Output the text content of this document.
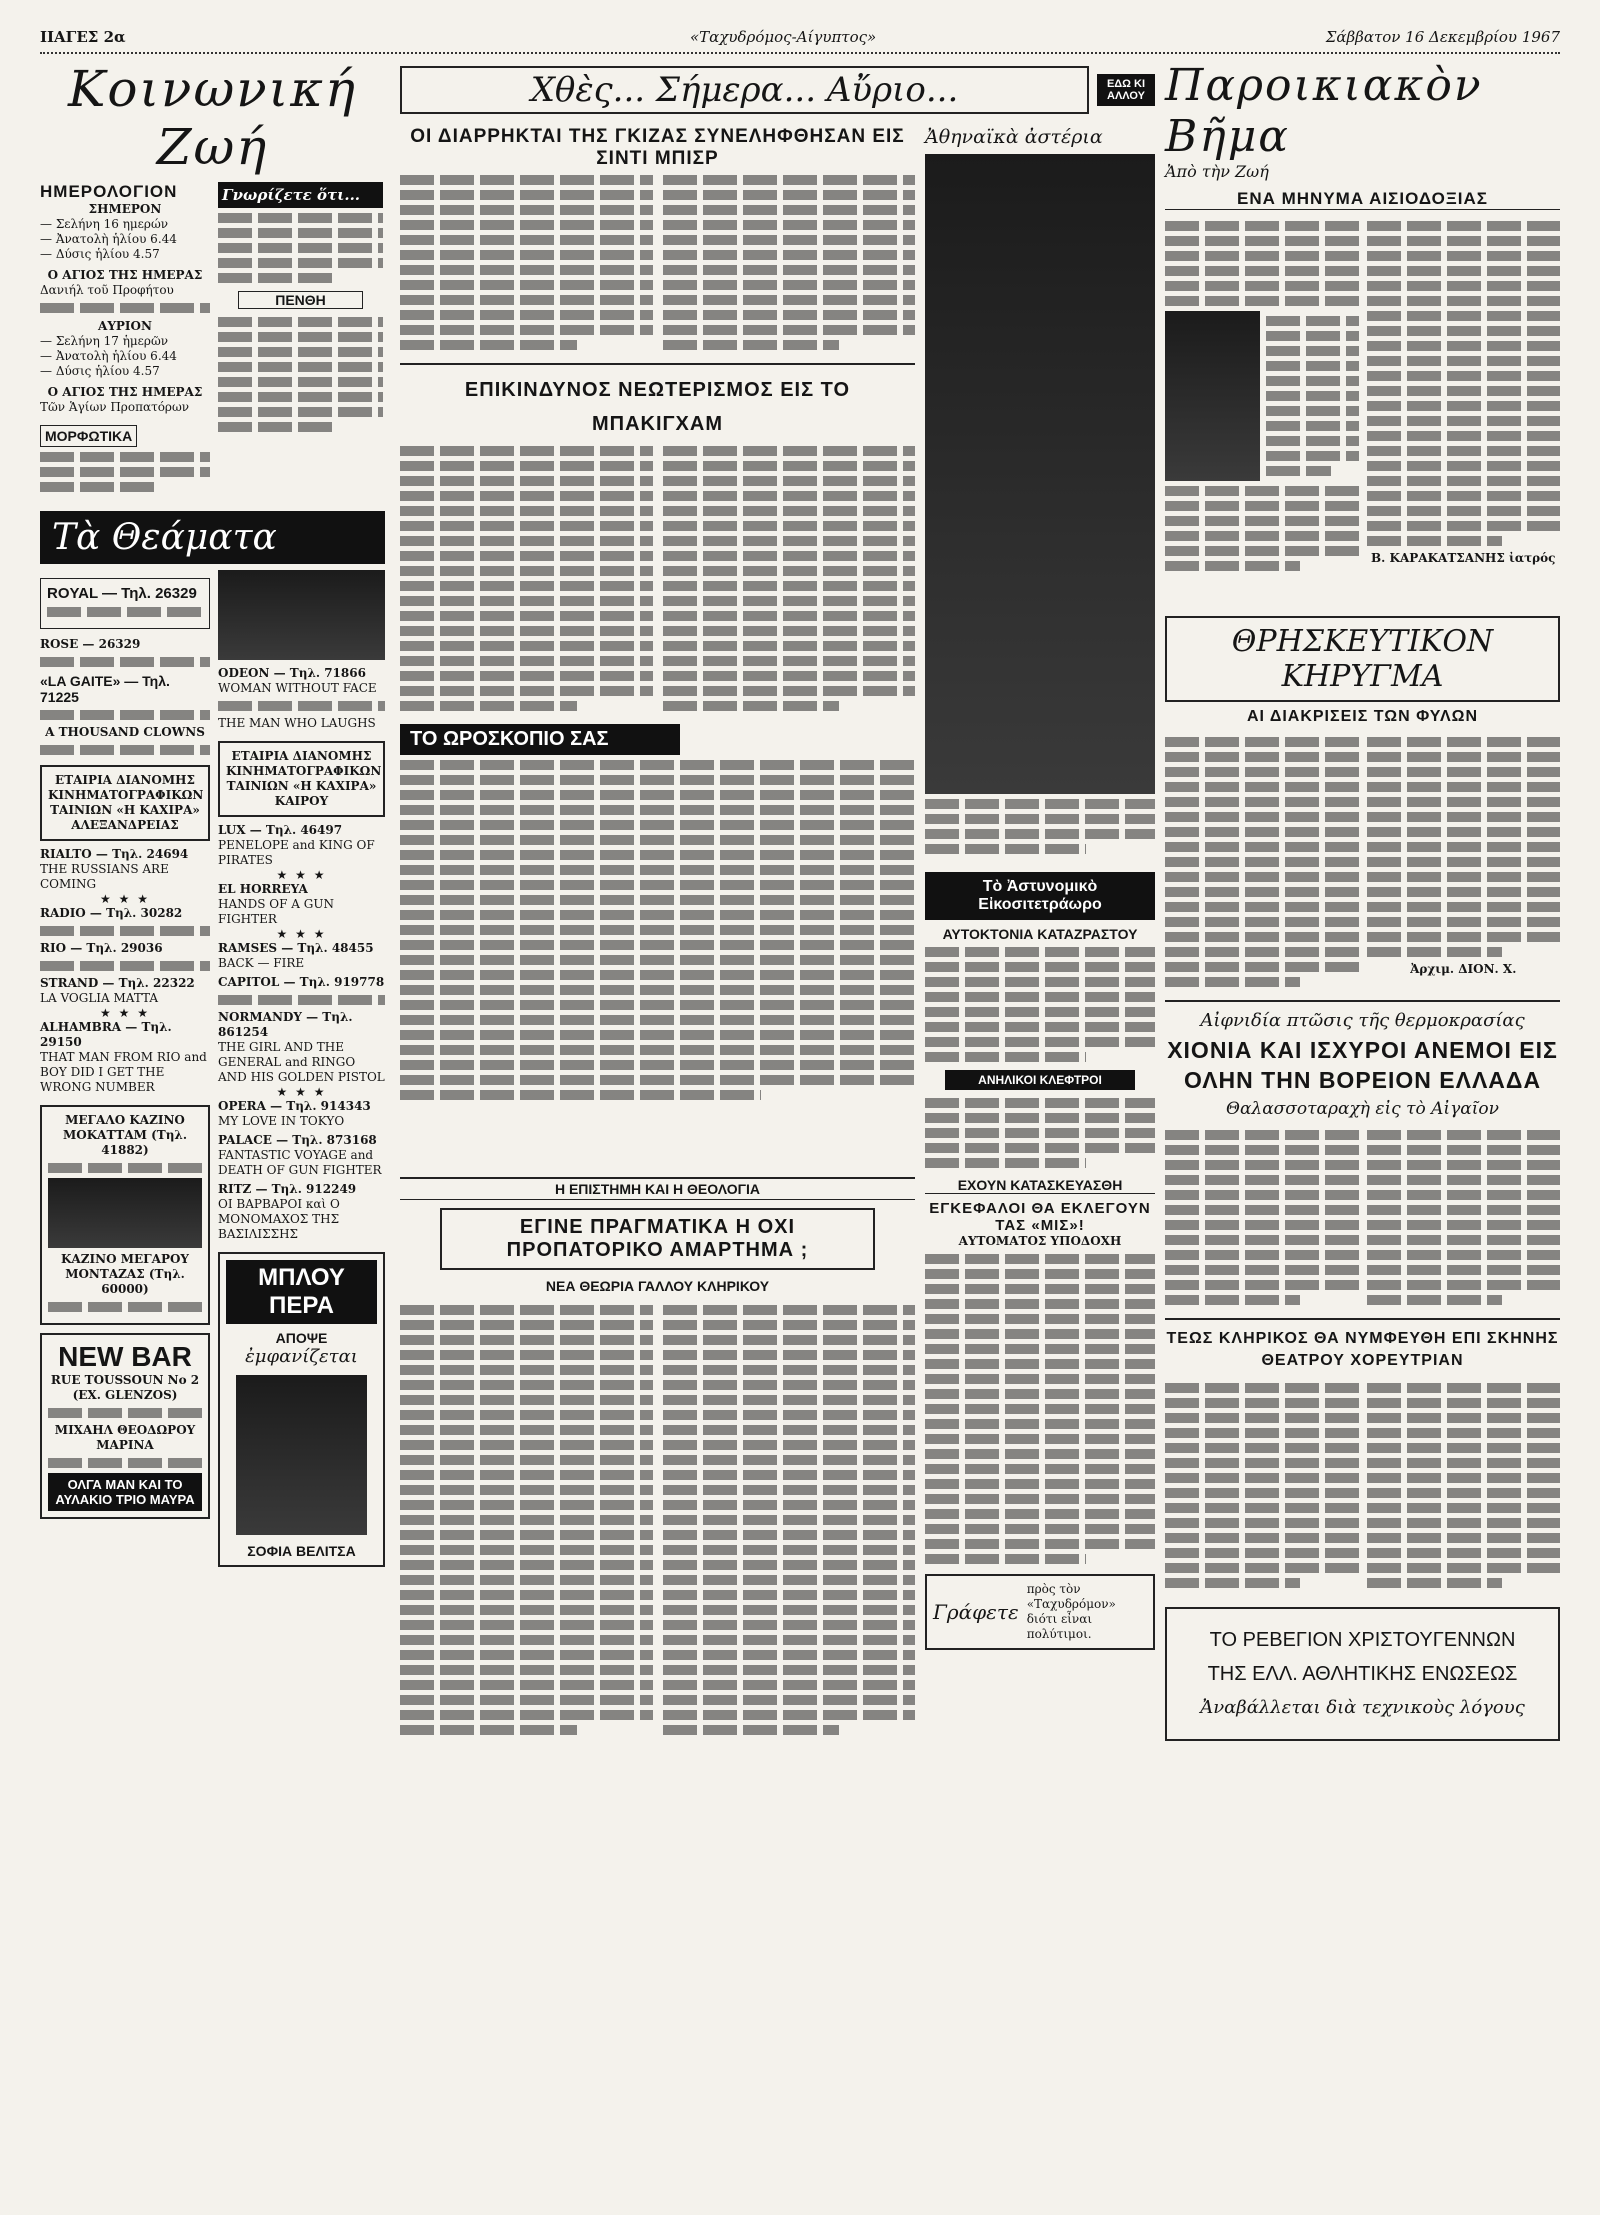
ΙΙΑΓΕΣ 2α	«Ταχυδρόμος-Αίγυπτος»	Σάββατον 16 Δεκεμβρίου 1967
Κοινωνική Ζωή
ΗΜΕΡΟΛΟΓΙΟΝ
ΣΗΜΕΡΟΝ
— Σελήνη 16 ημερών
— Ἀνατολὴ ἡλίου 6.44
— Δύσις ἡλίου 4.57
Ο ΑΓΙΟΣ ΤΗΣ ΗΜΕΡΑΣ
Δανιήλ τοῦ Προφήτου
ΑΥΡΙΟΝ
— Σελήνη 17 ἡμερῶν
— Ἀνατολὴ ἡλίου 6.44
— Δύσις ἡλίου 4.57
Ο ΑΓΙΟΣ ΤΗΣ ΗΜΕΡΑΣ
Τῶν Ἁγίων Προπατόρων
ΜΟΡΦΩΤΙΚΑ
Γνωρίζετε ὅτι...
ΠΕΝΘΗ
Τὰ Θεάματα
ROYAL — Τηλ. 26329
ROSE — 26329
«LA GAITE» — Τηλ. 71225
A THOUSAND CLOWNS
ΕΤΑΙΡΙΑ ΔΙΑΝΟΜΗΣ ΚΙΝΗΜΑΤΟΓΡΑΦΙΚΩΝ ΤΑΙΝΙΩΝ «Η ΚΑΧΙΡΑ»
ΑΛΕΞΑΝΔΡΕΙΑΣ
RIALTO — Τηλ. 24694
THE RUSSIANS ARE COMING
★ ★ ★
RADIO — Τηλ. 30282
RIO — Τηλ. 29036
STRAND — Τηλ. 22322
LA VOGLIA MATTA
★ ★ ★
ALHAMBRA — Τηλ. 29150
THAT MAN FROM RIO and BOY DID I GET THE WRONG NUMBER
ΜΕΓΑΛΟ ΚΑΖΙΝΟ ΜΟΚΑΤΤΑΜ (Τηλ. 41882)
ΚΑΖΙΝΟ ΜΕΓΑΡΟΥ ΜΟΝΤΑΖΑΣ (Τηλ. 60000)
NEW BAR
RUE TOUSSOUN No 2 (EX. GLENZOS)
ΜΙΧΑΗΛ ΘΕΟΔΩΡΟΥ
ΜΑΡΙΝΑ
ΟΛΓΑ ΜΑΝ ΚΑΙ ΤΟ ΑΥΛΑΚΙΟ ΤΡΙΟ ΜΑΥΡΑ
ODEON — Τηλ. 71866
WOMAN WITHOUT FACE
THE MAN WHO LAUGHS
ΕΤΑΙΡΙΑ ΔΙΑΝΟΜΗΣ ΚΙΝΗΜΑΤΟΓΡΑΦΙΚΩΝ ΤΑΙΝΙΩΝ «Η ΚΑΧΙΡΑ»
ΚΑΙΡΟΥ
LUX — Τηλ. 46497
PENELOPE and KING OF PIRATES
★ ★ ★
EL HORREYA
HANDS OF A GUN FIGHTER
★ ★ ★
RAMSES — Τηλ. 48455
BACK — FIRE
CAPITOL — Τηλ. 919778
NORMANDY — Τηλ. 861254
THE GIRL AND THE GENERAL and RINGO AND HIS GOLDEN PISTOL
★ ★ ★
OPERA — Τηλ. 914343
MY LOVE IN TOKYO
PALACE — Τηλ. 873168
FANTASTIC VOYAGE and DEATH OF GUN FIGHTER
RITZ — Τηλ. 912249
ΟΙ ΒΑΡΒΑΡΟΙ καὶ Ο ΜΟΝΟΜΑΧΟΣ ΤΗΣ ΒΑΣΙΛΙΣΣΗΣ
ΜΠΛΟΥ ΠΕΡΑ
ΑΠΟΨΕ
ἐμφανίζεται
ΣΟΦΙΑ ΒΕΛΙΤΣΑ
Χθὲς... Σήμερα... Αὔριο...	ΕΔΩ ΚΙ ΑΛΛΟΥ
ΟΙ ΔΙΑΡΡΗΚΤΑΙ ΤΗΣ ΓΚΙΖΑΣ ΣΥΝΕΛΗΦΘΗΣΑΝ ΕΙΣ ΣΙΝΤΙ ΜΠΙΣΡ
ΕΠΙΚΙΝΔΥΝΟΣ ΝΕΩΤΕΡΙΣΜΟΣ ΕΙΣ ΤΟ ΜΠΑΚΙΓΧΑΜ
ΤΟ ΩΡΟΣΚΟΠΙΟ ΣΑΣ
Ἀθηναϊκὰ ἀστέρια
Τὸ Ἀστυνομικὸ Εἰκοσιτετράωρο
ΑΥΤΟΚΤΟΝΙΑ ΚΑΤΑΖΡΑΣΤΟΥ
ΑΝΗΛΙΚΟΙ ΚΛΕΦΤΡΟΙ
Η ΕΠΙΣΤΗΜΗ ΚΑΙ Η ΘΕΟΛΟΓΙΑ
ΕΓΙΝΕ ΠΡΑΓΜΑΤΙΚΑ Η ΟΧΙ ΠΡΟΠΑΤΟΡΙΚΟ ΑΜΑΡΤΗΜΑ ;
ΝΕΑ ΘΕΩΡΙΑ ΓΑΛΛΟΥ ΚΛΗΡΙΚΟΥ
ΕΧΟΥΝ ΚΑΤΑΣΚΕΥΑΣΘΗ
ΕΓΚΕΦΑΛΟΙ ΘΑ ΕΚΛΕΓΟΥΝ ΤΑΣ «ΜΙΣ»!
ΑΥΤΟΜΑΤΟΣ ΥΠΟΔΟΧΗ
Γράφετε
πρὸς τὸν «Ταχυδρόμον» διότι εἶναι πολύτιμοι.
Παροικιακὸν Βῆμα
Ἀπὸ τὴν Ζωή
ΕΝΑ ΜΗΝΥΜΑ ΑΙΣΙΟΔΟΞΙΑΣ
Β. ΚΑΡΑΚΑΤΣΑΝΗΣ ἰατρός
ΘΡΗΣΚΕΥΤΙΚΟΝ ΚΗΡΥΓΜΑ
ΑΙ ΔΙΑΚΡΙΣΕΙΣ ΤΩΝ ΦΥΛΩΝ
Ἀρχιμ. ΔΙΟΝ. Χ.
Αἰφνιδία πτῶσις τῆς θερμοκρασίας
ΧΙΟΝΙΑ ΚΑΙ ΙΣΧΥΡΟΙ ΑΝΕΜΟΙ ΕΙΣ ΟΛΗΝ ΤΗΝ ΒΟΡΕΙΟΝ ΕΛΛΑΔΑ
Θαλασσοταραχὴ εἰς τὸ Αἰγαῖον
ΤΕΩΣ ΚΛΗΡΙΚΟΣ ΘΑ ΝΥΜΦΕΥΘΗ ΕΠΙ ΣΚΗΝΗΣ ΘΕΑΤΡΟΥ ΧΟΡΕΥΤΡΙΑΝ
ΤΟ ΡΕΒΕΓΙΟΝ ΧΡΙΣΤΟΥΓΕΝΝΩΝ
ΤΗΣ ΕΛΛ. ΑΘΛΗΤΙΚΗΣ ΕΝΩΣΕΩΣ
Ἀναβάλλεται διὰ τεχνικοὺς λόγους
